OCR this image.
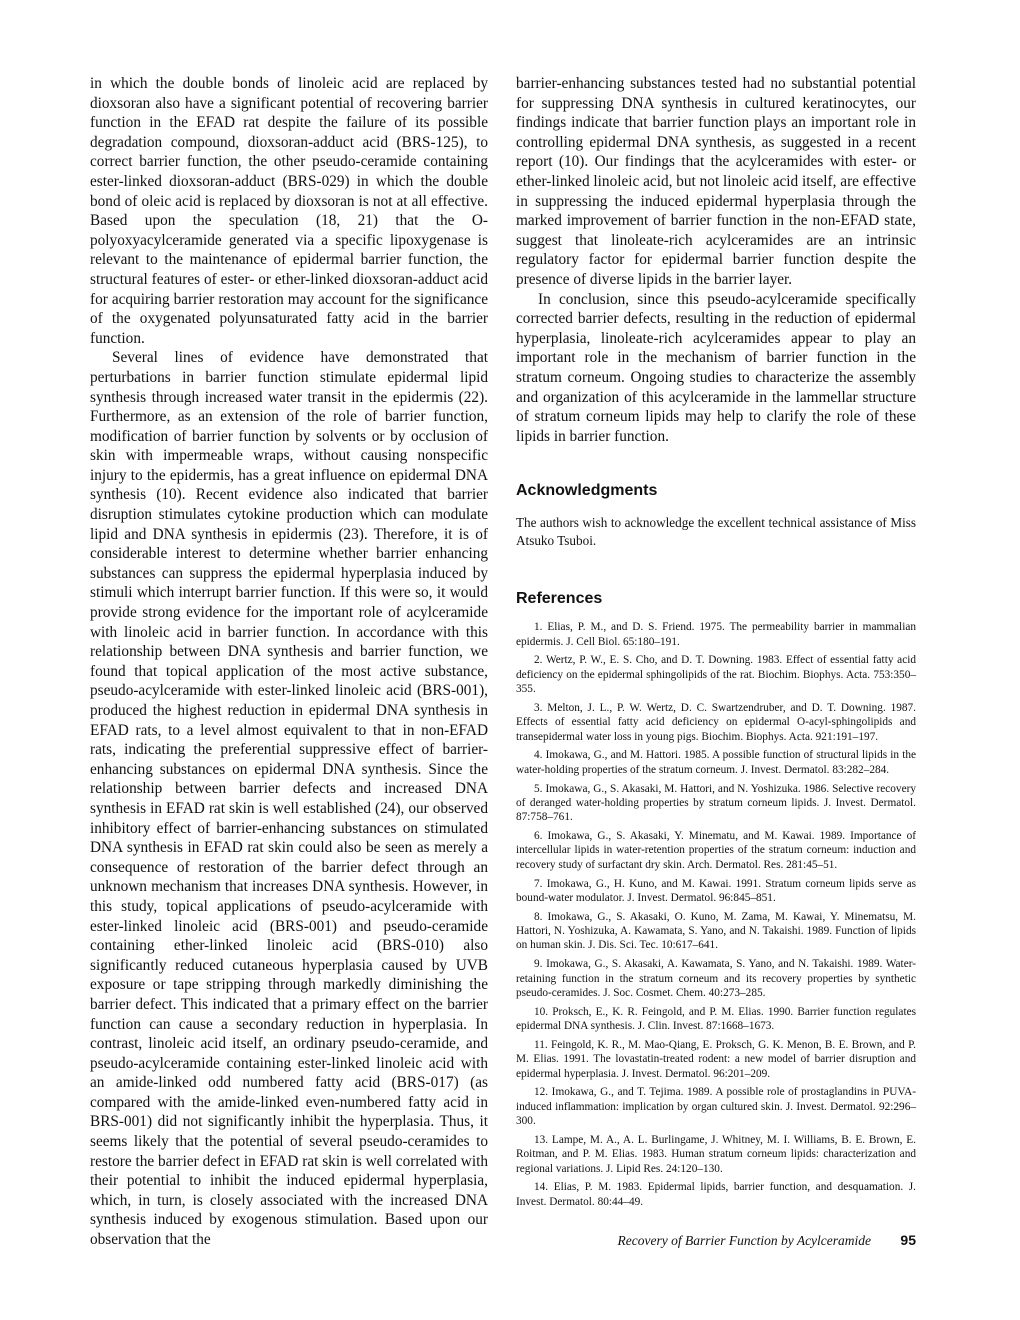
in which the double bonds of linoleic acid are replaced by dioxsoran also have a significant potential of recovering barrier function in the EFAD rat despite the failure of its possible degradation compound, dioxsoran-adduct acid (BRS-125), to correct barrier function, the other pseudo-ceramide containing ester-linked dioxsoran-adduct (BRS-029) in which the double bond of oleic acid is replaced by dioxsoran is not at all effective. Based upon the speculation (18, 21) that the O-polyoxyacylceramide generated via a specific lipoxygenase is relevant to the maintenance of epidermal barrier function, the structural features of ester- or ether-linked dioxsoran-adduct acid for acquiring barrier restoration may account for the significance of the oxygenated polyunsaturated fatty acid in the barrier function.

Several lines of evidence have demonstrated that perturbations in barrier function stimulate epidermal lipid synthesis through increased water transit in the epidermis (22). Furthermore, as an extension of the role of barrier function, modification of barrier function by solvents or by occlusion of skin with impermeable wraps, without causing nonspecific injury to the epidermis, has a great influence on epidermal DNA synthesis (10). Recent evidence also indicated that barrier disruption stimulates cytokine production which can modulate lipid and DNA synthesis in epidermis (23). Therefore, it is of considerable interest to determine whether barrier enhancing substances can suppress the epidermal hyperplasia induced by stimuli which interrupt barrier function. If this were so, it would provide strong evidence for the important role of acylceramide with linoleic acid in barrier function. In accordance with this relationship between DNA synthesis and barrier function, we found that topical application of the most active substance, pseudo-acylceramide with ester-linked linoleic acid (BRS-001), produced the highest reduction in epidermal DNA synthesis in EFAD rats, to a level almost equivalent to that in non-EFAD rats, indicating the preferential suppressive effect of barrier-enhancing substances on epidermal DNA synthesis. Since the relationship between barrier defects and increased DNA synthesis in EFAD rat skin is well established (24), our observed inhibitory effect of barrier-enhancing substances on stimulated DNA synthesis in EFAD rat skin could also be seen as merely a consequence of restoration of the barrier defect through an unknown mechanism that increases DNA synthesis. However, in this study, topical applications of pseudo-acylceramide with ester-linked linoleic acid (BRS-001) and pseudo-ceramide containing ether-linked linoleic acid (BRS-010) also significantly reduced cutaneous hyperplasia caused by UVB exposure or tape stripping through markedly diminishing the barrier defect. This indicated that a primary effect on the barrier function can cause a secondary reduction in hyperplasia. In contrast, linoleic acid itself, an ordinary pseudo-ceramide, and pseudo-acylceramide containing ester-linked linoleic acid with an amide-linked odd numbered fatty acid (BRS-017) (as compared with the amide-linked even-numbered fatty acid in BRS-001) did not significantly inhibit the hyperplasia. Thus, it seems likely that the potential of several pseudo-ceramides to restore the barrier defect in EFAD rat skin is well correlated with their potential to inhibit the induced epidermal hyperplasia, which, in turn, is closely associated with the increased DNA synthesis induced by exogenous stimulation. Based upon our observation that the

barrier-enhancing substances tested had no substantial potential for suppressing DNA synthesis in cultured keratinocytes, our findings indicate that barrier function plays an important role in controlling epidermal DNA synthesis, as suggested in a recent report (10). Our findings that the acylceramides with ester- or ether-linked linoleic acid, but not linoleic acid itself, are effective in suppressing the induced epidermal hyperplasia through the marked improvement of barrier function in the non-EFAD state, suggest that linoleate-rich acylceramides are an intrinsic regulatory factor for epidermal barrier function despite the presence of diverse lipids in the barrier layer.

In conclusion, since this pseudo-acylceramide specifically corrected barrier defects, resulting in the reduction of epidermal hyperplasia, linoleate-rich acylceramides appear to play an important role in the mechanism of barrier function in the stratum corneum. Ongoing studies to characterize the assembly and organization of this acylceramide in the lammellar structure of stratum corneum lipids may help to clarify the role of these lipids in barrier function.

Acknowledgments

The authors wish to acknowledge the excellent technical assistance of Miss Atsuko Tsuboi.

References
1. Elias, P. M., and D. S. Friend. 1975. The permeability barrier in mammalian epidermis. J. Cell Biol. 65:180–191.
2. Wertz, P. W., E. S. Cho, and D. T. Downing. 1983. Effect of essential fatty acid deficiency on the epidermal sphingolipids of the rat. Biochim. Biophys. Acta. 753:350–355.
3. Melton, J. L., P. W. Wertz, D. C. Swartzendruber, and D. T. Downing. 1987. Effects of essential fatty acid deficiency on epidermal O-acyl-sphingolipids and transepidermal water loss in young pigs. Biochim. Biophys. Acta. 921:191–197.
4. Imokawa, G., and M. Hattori. 1985. A possible function of structural lipids in the water-holding properties of the stratum corneum. J. Invest. Dermatol. 83:282–284.
5. Imokawa, G., S. Akasaki, M. Hattori, and N. Yoshizuka. 1986. Selective recovery of deranged water-holding properties by stratum corneum lipids. J. Invest. Dermatol. 87:758–761.
6. Imokawa, G., S. Akasaki, Y. Minematu, and M. Kawai. 1989. Importance of intercellular lipids in water-retention properties of the stratum corneum: induction and recovery study of surfactant dry skin. Arch. Dermatol. Res. 281:45–51.
7. Imokawa, G., H. Kuno, and M. Kawai. 1991. Stratum corneum lipids serve as bound-water modulator. J. Invest. Dermatol. 96:845–851.
8. Imokawa, G., S. Akasaki, O. Kuno, M. Zama, M. Kawai, Y. Minematsu, M. Hattori, N. Yoshizuka, A. Kawamata, S. Yano, and N. Takaishi. 1989. Function of lipids on human skin. J. Dis. Sci. Tec. 10:617–641.
9. Imokawa, G., S. Akasaki, A. Kawamata, S. Yano, and N. Takaishi. 1989. Water-retaining function in the stratum corneum and its recovery properties by synthetic pseudo-ceramides. J. Soc. Cosmet. Chem. 40:273–285.
10. Proksch, E., K. R. Feingold, and P. M. Elias. 1990. Barrier function regulates epidermal DNA synthesis. J. Clin. Invest. 87:1668–1673.
11. Feingold, K. R., M. Mao-Qiang, E. Proksch, G. K. Menon, B. E. Brown, and P. M. Elias. 1991. The lovastatin-treated rodent: a new model of barrier disruption and epidermal hyperplasia. J. Invest. Dermatol. 96:201–209.
12. Imokawa, G., and T. Tejima. 1989. A possible role of prostaglandins in PUVA-induced inflammation: implication by organ cultured skin. J. Invest. Dermatol. 92:296–300.
13. Lampe, M. A., A. L. Burlingame, J. Whitney, M. I. Williams, B. E. Brown, E. Roitman, and P. M. Elias. 1983. Human stratum corneum lipids: characterization and regional variations. J. Lipid Res. 24:120–130.
14. Elias, P. M. 1983. Epidermal lipids, barrier function, and desquamation. J. Invest. Dermatol. 80:44–49.
Recovery of Barrier Function by Acylceramide 95
